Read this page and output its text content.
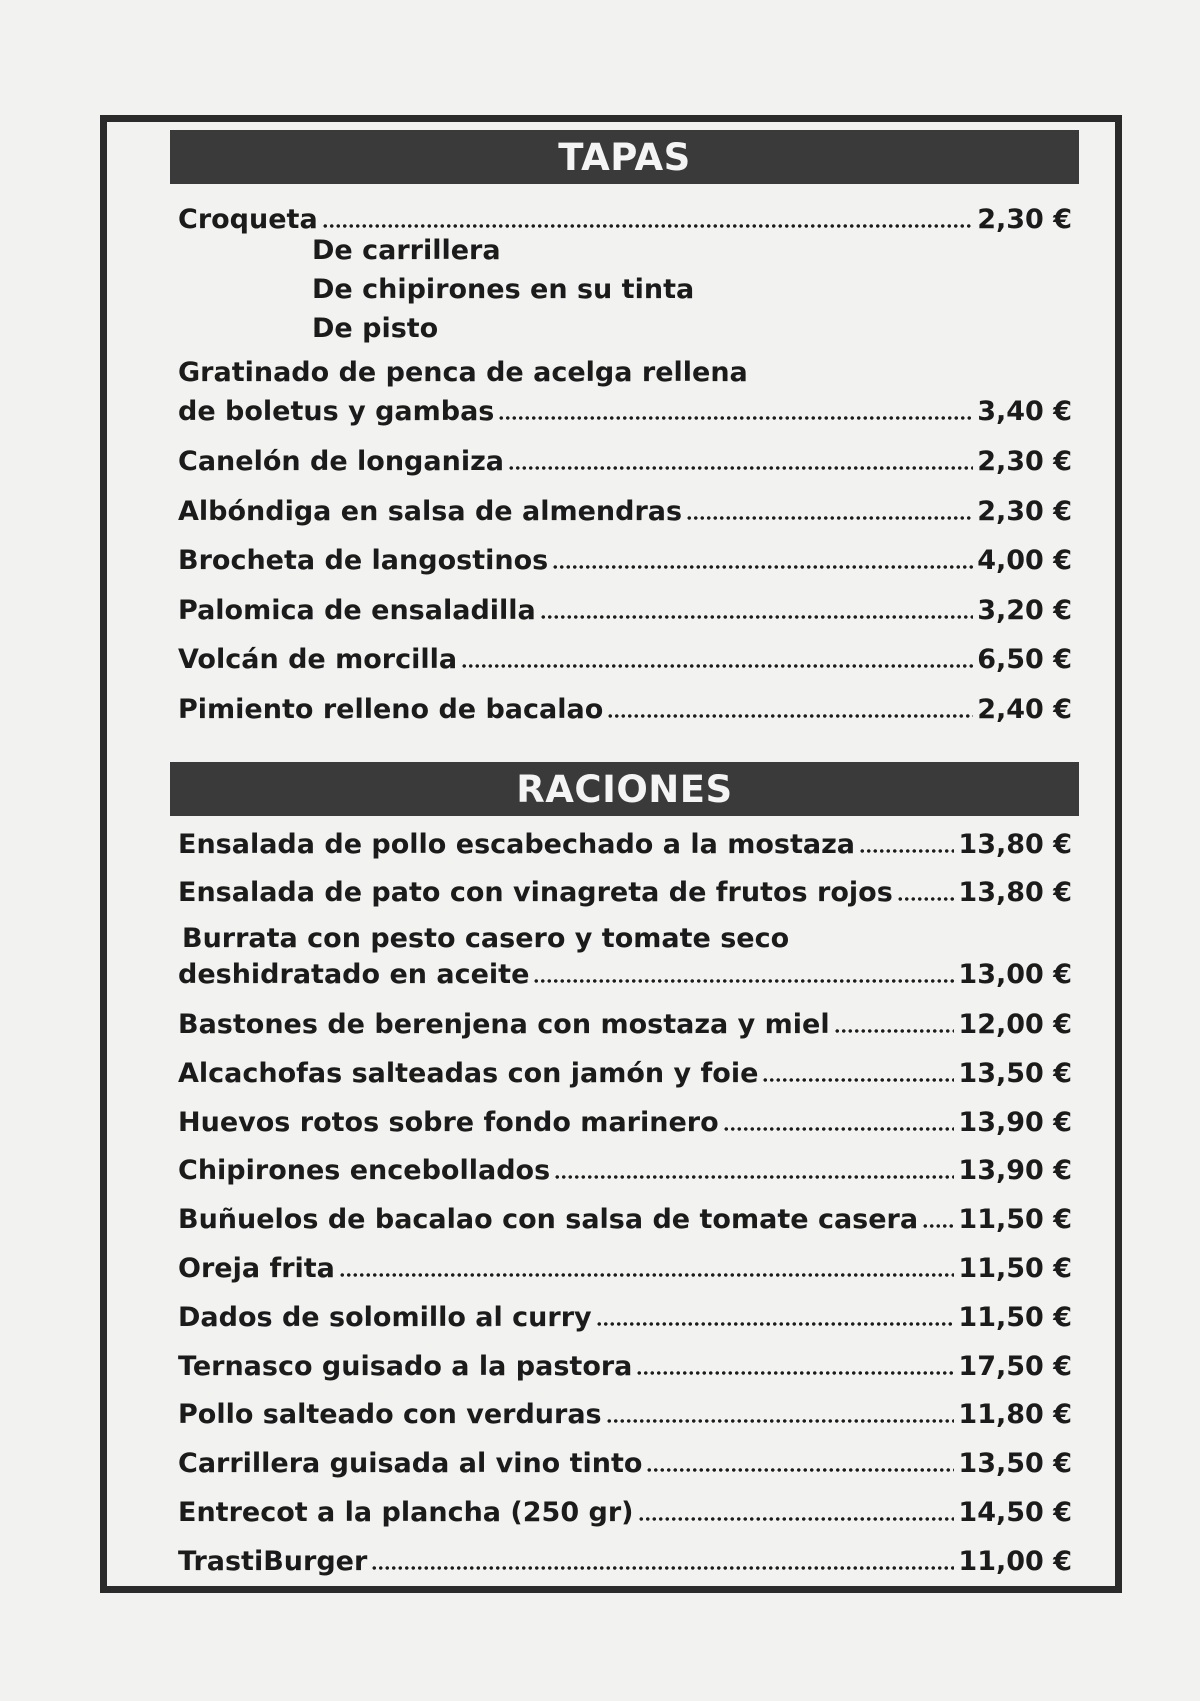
TAPAS
Croqueta	2,30 €
De carrillera
De chipirones en su tinta
De pisto
Gratinado de penca de acelga rellena
de boletus y gambas	3,40 €
Canelón de longaniza	2,30 €
Albóndiga en salsa de almendras	2,30 €
Brocheta de langostinos	4,00 €
Palomica de ensaladilla	3,20 €
Volcán de morcilla	6,50 €
Pimiento relleno de bacalao	2,40 €
RACIONES
Ensalada de pollo escabechado a la mostaza	13,80 €
Ensalada de pato con vinagreta de frutos rojos 13,80 €
Burrata con pesto casero y tomate seco
deshidratado en aceite	13,00 €
Bastones de berenjena con mostaza y miel	12,00 €
Alcachofas salteadas con jamón y foie	13,50 €
Huevos rotos sobre fondo marinero	13,90 €
Chipirones encebollados	13,90 €
Buñuelos de bacalao con salsa de tomate casera 11,50 €
Oreja frita	11,50 €
Dados de solomillo al curry	11,50 €
Ternasco guisado a la pastora	17,50 €
Pollo salteado con verduras	11,80 €
Carrillera guisada al vino tinto	13,50 €
Entrecot a la plancha (250 gr)	14,50 €
TrastiBurger	11,00 €
